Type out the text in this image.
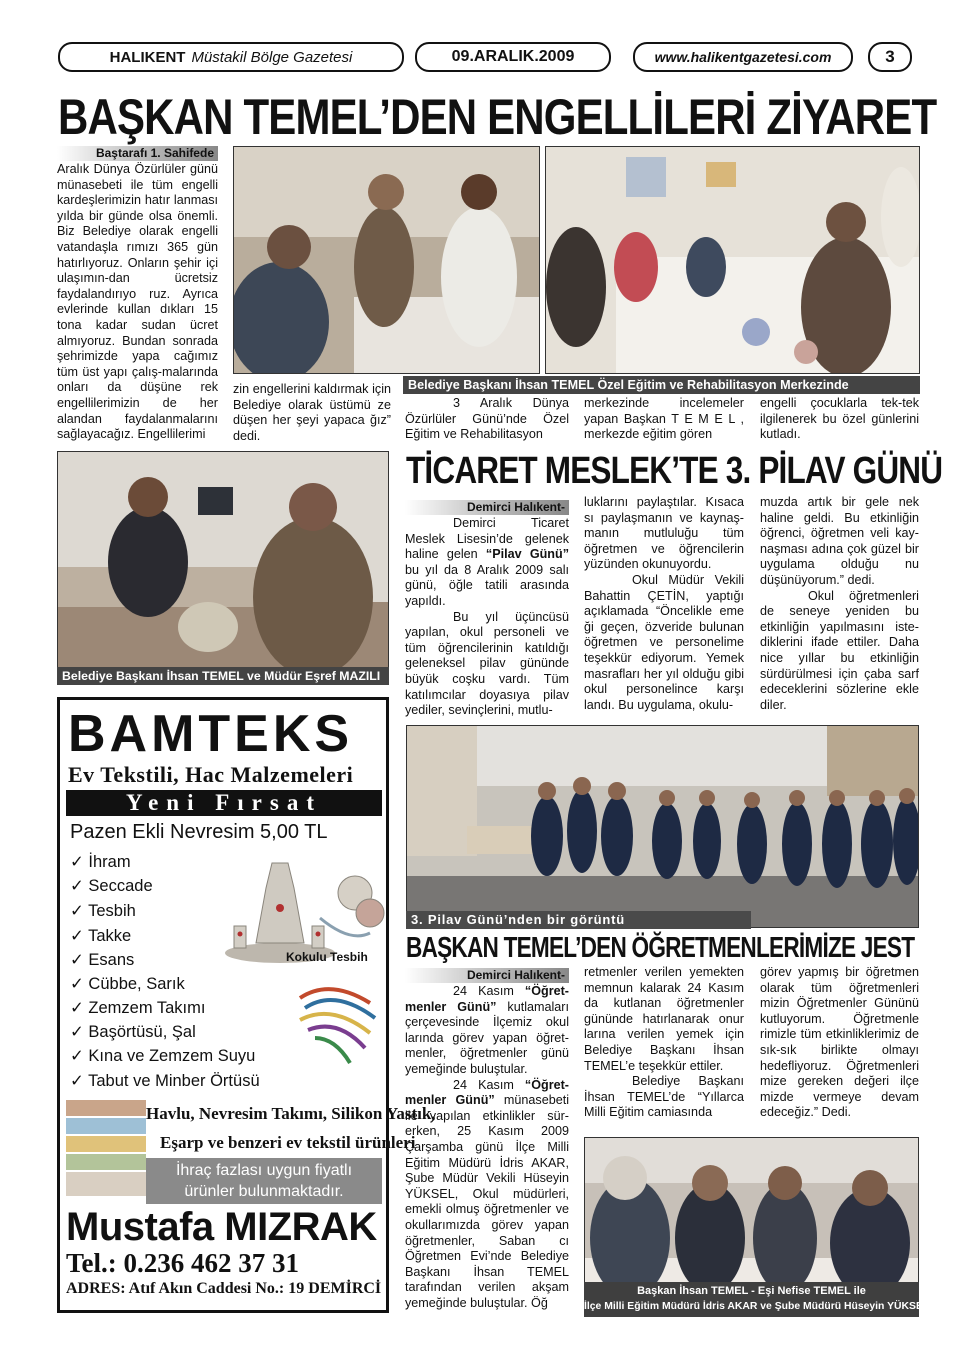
HALIKENT Müstakil Bölge Gazetesi	09.ARALIK.2009	www.halikentgazetesi.com	3
BAŞKAN TEMEL’DEN ENGELLİLERİ ZİYARET
Baştarafı 1. Sahifede

Aralık Dünya Özürlüler günü münasebeti ile tüm engelli kardeşlerimizin hatır lanması yılda bir günde olsa önemli. Biz Belediye olarak engelli vatandaşla rımızı 365 gün hatırlıyoruz. Onların şehir içi ulaşımın-dan ücretsiz faydalandırıyo ruz. Ayrıca evlerinde kullan dıkları 15 tona kadar sudan ücret almıyoruz. Bundan sonrada şehrimizde yapa cağımız tüm üst yapı çalış-malarında onları da düşüne rek engellilerimizin de her alandan faydalanmalarını sağlayacağız. Engellilerimi

Belediye Başkanı İhsan TEMEL Özel Eğitim ve Rehabilitasyon Merkezinde

zin engellerini kaldırmak için Belediye olarak üstümü ze düşen her şeyi yapaca ğız” dedi.

3 Aralık Dünya Özürlüler Günü’nde Özel Eğitim ve Rehabilitasyon

merkezinde incelemeler yapan Başkan T E M E L , merkezde eğitim gören

engelli çocuklarla tek-tek ilgilenerek bu özel günlerini kutladı.

Belediye Başkanı İhsan TEMEL ve Müdür Eşref MAZILI
TİCARET MESLEK’TE 3. PİLAV GÜNÜ
Demirci Halıkent-

Demirci Ticaret Meslek Lisesin’de gelenek haline gelen “Pilav Günü” bu yıl da 8 Aralık 2009 salı günü, öğle tatili arasında yapıldı.

Bu yıl üçüncüsü yapılan, okul personeli ve tüm öğrencilerinin katıldığı geleneksel pilav gününde büyük coşku vardı. Tüm katılımcılar doyasıya pilav yediler, sevinçlerini, mutlu-

luklarını paylaştılar. Kısaca sı paylaşmanın ve kaynaş-manın mutluluğu tüm öğretmen ve öğrencilerin yüzünden okunuyordu.

Okul Müdür Vekili Bahattin ÇETİN, yaptığı açıklamada “Öncelikle eme ği geçen, özveride bulunan öğretmen ve personelime teşekkür ediyorum. Yemek masrafları her yıl olduğu gibi okul personelince karşı landı. Bu uygulama, okulu-

muzda artık bir gele nek haline geldi. Bu etkinliğin öğrenci, öğretmen veli kay-naşması adına çok güzel bir uygulama olduğu nu düşünüyorum.” dedi.

Okul öğretmenleri de seneye yeniden bu etkinliğin yapılmasını iste-diklerini ifade ettiler. Daha nice yıllar bu etkinliğin sürdürülmesi için çaba sarf edeceklerini sözlerine ekle diler.

3. Pilav Günü’nden bir görüntü
BAŞKAN TEMEL’DEN ÖĞRETMENLERİMİZE JEST
Demirci Halıkent-

24 Kasım “Öğret-menler Günü” kutlamaları çerçevesinde İlçemiz okul larında görev yapan öğret-menler, öğretmenler günü yemeğinde buluştular.

24 Kasım “Öğret-menler Günü” münasebeti ile yapılan etkinlikler sür-erken, 25 Kasım 2009 Çarşamba günü İlçe Milli Eğitim Müdürü İdris AKAR, Şube Müdür Vekili Hüseyin YÜKSEL, Okul müdürleri, emekli olmuş öğretmenler ve okullarımızda görev yapan öğretmenler, Saban cı Öğretmen Evi’nde Belediye Başkanı İhsan TEMEL tarafından verilen akşam yemeğinde buluştular. Öğ

retmenler verilen yemekten memnun kalarak 24 Kasım da kutlanan öğretmenler gününde hatırlanarak onur larına verilen yemek için Belediye Başkanı İhsan TEMEL’e teşekkür ettiler.

Belediye Başkanı İhsan TEMEL’de “Yıllarca Milli Eğitim camiasında

görev yapmış bir öğretmen olarak tüm öğretmenleri mizin Öğretmenler Gününü kutluyorum. Öğretmenle rimizle tüm etkinliklerimiz de sık-sık birlikte olmayı hedefliyoruz. Öğretmenleri mize gereken değeri ilçe mizde vermeye devam edeceğiz.” Dedi.

Başkan İhsan TEMEL - Eşi Nefise TEMEL ile
İlçe Milli Eğitim Müdürü İdris AKAR ve Şube Müdürü Hüseyin YÜKSEL
BAMTEKS
Ev Tekstili, Hac Malzemeleri
Yeni Fırsat
Pazen Ekli Nevresim 5,00 TL
✓ İhram
✓ Seccade
✓ Tesbih
✓ Takke
✓ Esans
✓ Cübbe, Sarık
✓ Zemzem Takımı
✓ Başörtüsü, Şal
✓ Kına ve Zemzem Suyu
✓ Tabut ve Minber Örtüsü
Kokulu Tesbih
Havlu, Nevresim Takımı, Silikon Yastık,
Eşarp ve benzeri ev tekstil ürünleri
İhraç fazlası uygun fiyatlı
ürünler bulunmaktadır.
Mustafa MIZRAK
Tel.: 0.236 462 37 31
ADRES: Atıf Akın Caddesi No.: 19 DEMİRCİ
